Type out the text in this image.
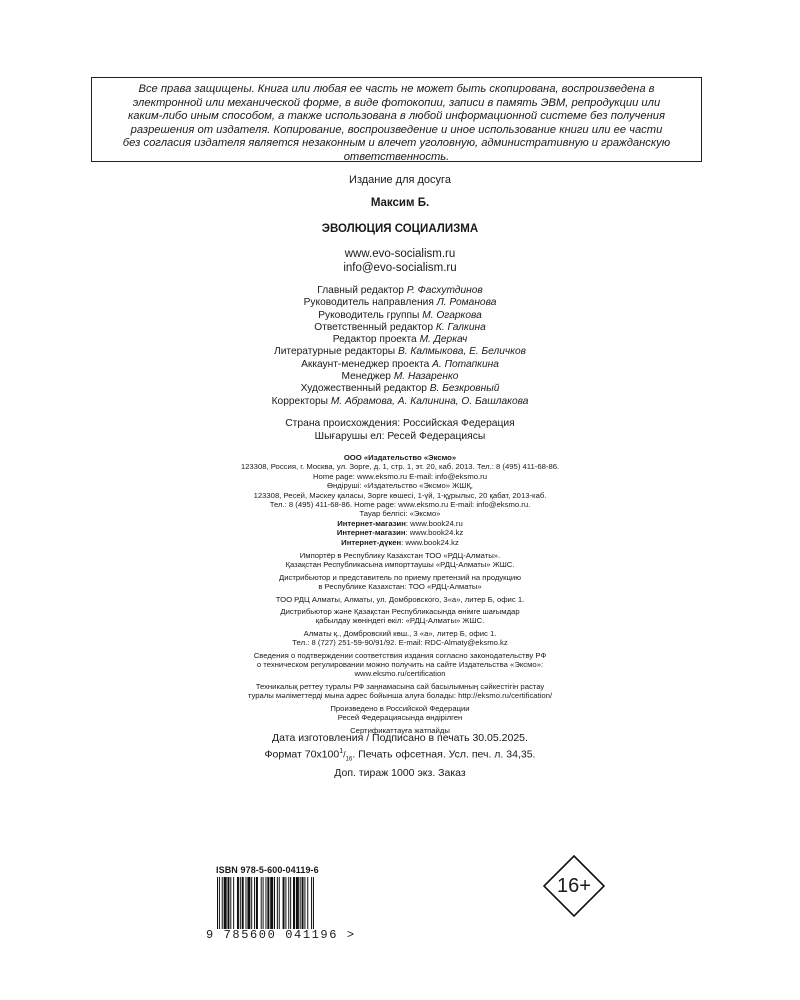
Все права защищены. Книга или любая ее часть не может быть скопирована, воспроизведена в
электронной или механической форме, в виде фотокопии, записи в память ЭВМ, репродукции или
каким-либо иным способом, а также использована в любой информационной системе без получения
разрешения от издателя. Копирование, воспроизведение и иное использование книги или ее части
без согласия издателя является незаконным и влечет уголовную, административную и гражданскую
ответственность.
Издание для досуга
Максим Б.
ЭВОЛЮЦИЯ СОЦИАЛИЗМА
www.evo-socialism.ru
info@evo-socialism.ru

Главный редактор Р. Фасхутдинов

Руководитель направления Л. Романова

Руководитель группы М. Огаркова

Ответственный редактор К. Галкина

Редактор проекта М. Деркач

Литературные редакторы В. Калмыкова, Е. Беличков

Аккаунт-менеджер проекта А. Потапкина

Менеджер М. Назаренко

Художественный редактор В. Безкровный

Корректоры М. Абрамова, А. Калинина, О. Башлакова

Страна происхождения: Российская Федерация
Шығарушы ел: Ресей Федерациясы
ООО «Издательство «Эксмо»
123308, Россия, г. Москва, ул. Зорге, д. 1, стр. 1, эт. 20, каб. 2013. Тел.: 8 (495) 411-68-86.
Home page: www.eksmo.ru E-mail: info@eksmo.ru
Өндіруші: «Издательство «Эксмо» ЖШҚ,
123308, Ресей, Мәскеу қаласы, Зорге көшесі, 1-үй, 1-құрылыс, 20 қабат, 2013-каб.
Тел.: 8 (495) 411-68-86. Home page: www.eksmo.ru E-mail: info@eksmo.ru.
Тауар белгісі: «Эксмо»
Интернет-магазин: www.book24.ru
Интернет-магазин: www.book24.kz
Интернет-дүкен: www.book24.kz
Импортёр в Республику Казахстан ТОО «РДЦ-Алматы».
Қазақстан Республикасына импорттаушы «РДЦ-Алматы» ЖШС.
Дистрибьютор и представитель по приему претензий на продукцию
в Республике Казахстан: ТОО «РДЦ-Алматы»
ТОО РДЦ Алматы, Алматы, ул. Домбровского, 3«а», литер Б, офис 1.
Дистрибьютор және Қазақстан Республикасында өнімге шағымдар
қабылдау жөніндегі өкіл: «РДЦ-Алматы» ЖШС.
Алматы қ., Домбровский көш., 3 «а», литер Б, офис 1.
Тел.: 8 (727) 251-59-90/91/92. E-mail: RDC-Almaty@eksmo.kz
Сведения о подтверждении соответствия издания согласно законодательству РФ
о техническом регулировании можно получить на сайте Издательства «Эксмо»:
www.eksmo.ru/certification
Техникалық реттеу туралы РФ заңнамасына сай басылымның сәйкестігін растау
туралы мәліметтерді мына адрес бойынша алуға болады: http://eksmo.ru/certification/
Произведено в Российской Федерации
Ресей Федерациясында өндірілген
Сертификаттауға жатпайды
Дата изготовления / Подписано в печать 30.05.2025.
Формат $70x100^1/_{16}$. Печать офсетная. Усл. печ. л. 34,35.
Доп. тираж 1000 экз. Заказ
ISBN 978-5-600-04119-6
9 785600 041196 >
16+
